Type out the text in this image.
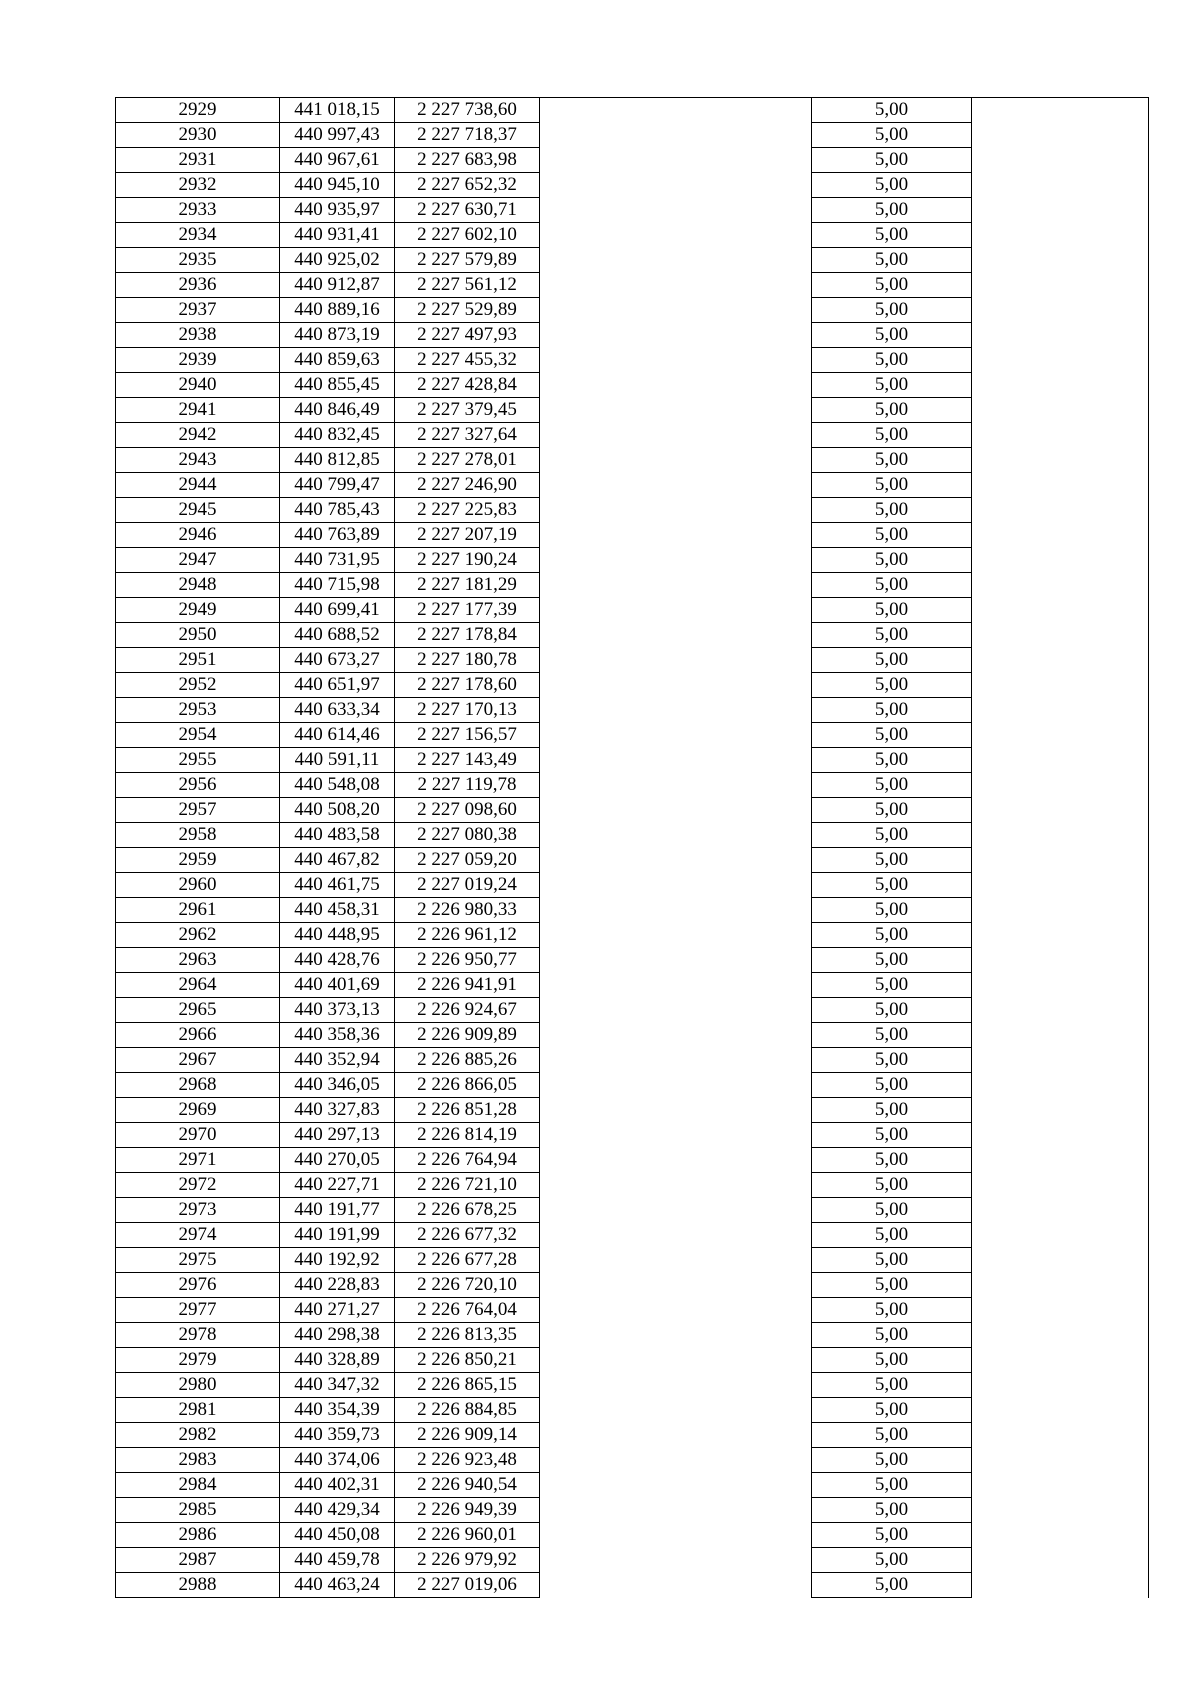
2929	441 018,15	2 227 738,60		5,00	
2930	440 997,43	2 227 718,37		5,00	
2931	440 967,61	2 227 683,98		5,00	
2932	440 945,10	2 227 652,32		5,00	
2933	440 935,97	2 227 630,71		5,00	
2934	440 931,41	2 227 602,10		5,00	
2935	440 925,02	2 227 579,89		5,00	
2936	440 912,87	2 227 561,12		5,00	
2937	440 889,16	2 227 529,89		5,00	
2938	440 873,19	2 227 497,93		5,00	
2939	440 859,63	2 227 455,32		5,00	
2940	440 855,45	2 227 428,84		5,00	
2941	440 846,49	2 227 379,45		5,00	
2942	440 832,45	2 227 327,64		5,00	
2943	440 812,85	2 227 278,01		5,00	
2944	440 799,47	2 227 246,90		5,00	
2945	440 785,43	2 227 225,83		5,00	
2946	440 763,89	2 227 207,19		5,00	
2947	440 731,95	2 227 190,24		5,00	
2948	440 715,98	2 227 181,29		5,00	
2949	440 699,41	2 227 177,39		5,00	
2950	440 688,52	2 227 178,84		5,00	
2951	440 673,27	2 227 180,78		5,00	
2952	440 651,97	2 227 178,60		5,00	
2953	440 633,34	2 227 170,13		5,00	
2954	440 614,46	2 227 156,57		5,00	
2955	440 591,11	2 227 143,49		5,00	
2956	440 548,08	2 227 119,78		5,00	
2957	440 508,20	2 227 098,60		5,00	
2958	440 483,58	2 227 080,38		5,00	
2959	440 467,82	2 227 059,20		5,00	
2960	440 461,75	2 227 019,24		5,00	
2961	440 458,31	2 226 980,33		5,00	
2962	440 448,95	2 226 961,12		5,00	
2963	440 428,76	2 226 950,77		5,00	
2964	440 401,69	2 226 941,91		5,00	
2965	440 373,13	2 226 924,67		5,00	
2966	440 358,36	2 226 909,89		5,00	
2967	440 352,94	2 226 885,26		5,00	
2968	440 346,05	2 226 866,05		5,00	
2969	440 327,83	2 226 851,28		5,00	
2970	440 297,13	2 226 814,19		5,00	
2971	440 270,05	2 226 764,94		5,00	
2972	440 227,71	2 226 721,10		5,00	
2973	440 191,77	2 226 678,25		5,00	
2974	440 191,99	2 226 677,32		5,00	
2975	440 192,92	2 226 677,28		5,00	
2976	440 228,83	2 226 720,10		5,00	
2977	440 271,27	2 226 764,04		5,00	
2978	440 298,38	2 226 813,35		5,00	
2979	440 328,89	2 226 850,21		5,00	
2980	440 347,32	2 226 865,15		5,00	
2981	440 354,39	2 226 884,85		5,00	
2982	440 359,73	2 226 909,14		5,00	
2983	440 374,06	2 226 923,48		5,00	
2984	440 402,31	2 226 940,54		5,00	
2985	440 429,34	2 226 949,39		5,00	
2986	440 450,08	2 226 960,01		5,00	
2987	440 459,78	2 226 979,92		5,00	
2988	440 463,24	2 227 019,06		5,00	
